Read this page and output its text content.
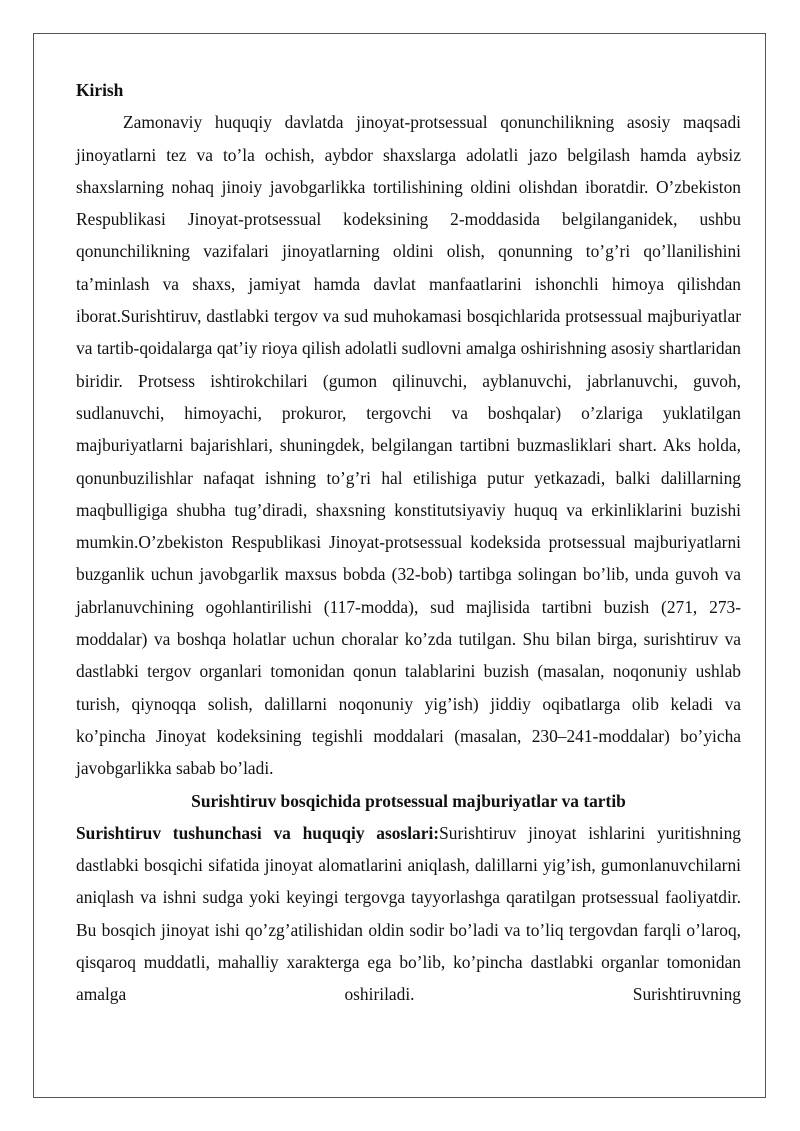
Kirish

Zamonaviy huquqiy davlatda jinoyat-protsessual qonunchilikning asosiy maqsadi jinoyatlarni tez va to’la ochish, aybdor shaxslarga adolatli jazo belgilash hamda aybsiz shaxslarning nohaq jinoiy javobgarlikka tortilishining oldini olishdan iboratdir. O’zbekiston Respublikasi Jinoyat-protsessual kodeksining 2-moddasida belgilanganidek, ushbu qonunchilikning vazifalari jinoyatlarning oldini olish, qonunning to’g’ri qo’llanilishini ta’minlash va shaxs, jamiyat hamda davlat manfaatlarini ishonchli himoya qilishdan iborat.Surishtiruv, dastlabki tergov va sud muhokamasi bosqichlarida protsessual majburiyatlar va tartib-qoidalarga qat’iy rioya qilish adolatli sudlovni amalga oshirishning asosiy shartlaridan biridir. Protsess ishtirokchilari (gumon qilinuvchi, ayblanuvchi, jabrlanuvchi, guvoh, sudlanuvchi, himoyachi, prokuror, tergovchi va boshqalar) o’zlariga yuklatilgan majburiyatlarni bajarishlari, shuningdek, belgilangan tartibni buzmasliklari shart. Aks holda, qonunbuzilishlar nafaqat ishning to’g’ri hal etilishiga putur yetkazadi, balki dalillarning maqbulligiga shubha tug’diradi, shaxsning konstitutsiyaviy huquq va erkinliklarini buzishi mumkin.O’zbekiston Respublikasi Jinoyat-protsessual kodeksida protsessual majburiyatlarni buzganlik uchun javobgarlik maxsus bobda (32-bob) tartibga solingan bo’lib, unda guvoh va jabrlanuvchining ogohlantirilishi (117-modda), sud majlisida tartibni buzish (271, 273-moddalar) va boshqa holatlar uchun choralar ko’zda tutilgan. Shu bilan birga, surishtiruv va dastlabki tergov organlari tomonidan qonun talablarini buzish (masalan, noqonuniy ushlab turish, qiynoqqa solish, dalillarni noqonuniy yig’ish) jiddiy oqibatlarga olib keladi va ko’pincha Jinoyat kodeksining tegishli moddalari (masalan, 230–241-moddalar) bo’yicha javobgarlikka sabab bo’ladi.

Surishtiruv bosqichida protsessual majburiyatlar va tartib

Surishtiruv tushunchasi va huquqiy asoslari:Surishtiruv jinoyat ishlarini yuritishning dastlabki bosqichi sifatida jinoyat alomatlarini aniqlash, dalillarni yig’ish, gumonlanuvchilarni aniqlash va ishni sudga yoki keyingi tergovga tayyorlashga qaratilgan protsessual faoliyatdir. Bu bosqich jinoyat ishi qo’zg’atilishidan oldin sodir bo’ladi va to’liq tergovdan farqli o’laroq, qisqaroq muddatli, mahalliy xarakterga ega bo’lib, ko’pincha dastlabki organlar tomonidan amalga oshiriladi. Surishtiruvning
